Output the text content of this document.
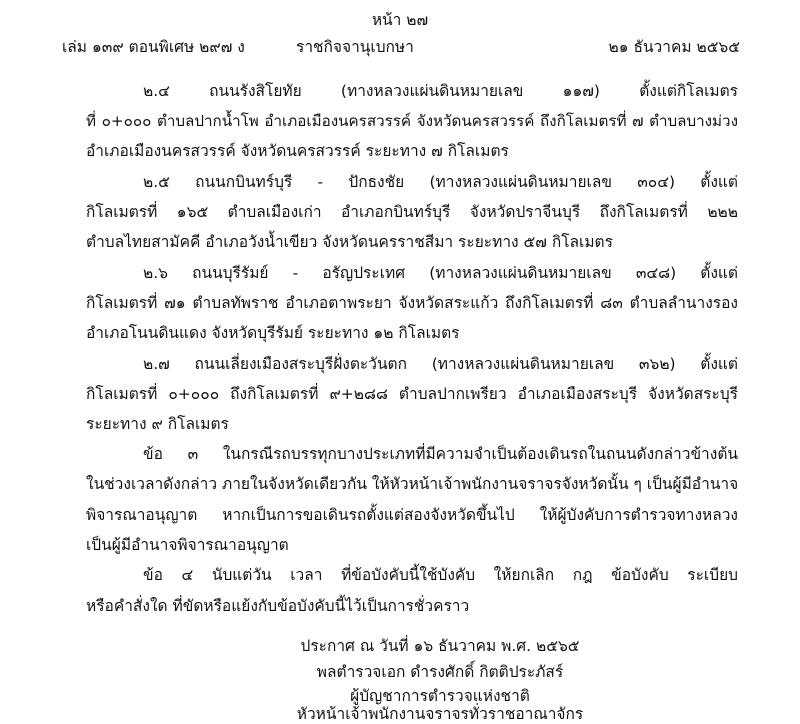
หน้า ๒๗
เล่ม ๑๓๙ ตอนพิเศษ ๒๙๗ ง	ราชกิจจานุเบกษา	๒๑ ธันวาคม ๒๕๖๕
๒.๔ ถนนรังสิโยทัย (ทางหลวงแผ่นดินหมายเลข ๑๑๗) ตั้งแต่กิโลเมตร
ที่ ๐+๐๐๐ ตำบลปากน้ำโพ อำเภอเมืองนครสวรรค์ จังหวัดนครสวรรค์ ถึงกิโลเมตรที่ ๗ ตำบลบางม่วง
อำเภอเมืองนครสวรรค์ จังหวัดนครสวรรค์ ระยะทาง ๗ กิโลเมตร
๒.๕ ถนนกบินทร์บุรี - ปักธงชัย (ทางหลวงแผ่นดินหมายเลข ๓๐๔) ตั้งแต่
กิโลเมตรที่ ๑๖๕ ตำบลเมืองเก่า อำเภอกบินทร์บุรี จังหวัดปราจีนบุรี ถึงกิโลเมตรที่ ๒๒๒
ตำบลไทยสามัคคี อำเภอวังน้ำเขียว จังหวัดนครราชสีมา ระยะทาง ๕๗ กิโลเมตร
๒.๖ ถนนบุรีรัมย์ - อรัญประเทศ (ทางหลวงแผ่นดินหมายเลข ๓๔๘) ตั้งแต่
กิโลเมตรที่ ๗๑ ตำบลทัพราช อำเภอตาพระยา จังหวัดสระแก้ว ถึงกิโลเมตรที่ ๘๓ ตำบลลำนางรอง
อำเภอโนนดินแดง จังหวัดบุรีรัมย์ ระยะทาง ๑๒ กิโลเมตร
๒.๗ ถนนเลี่ยงเมืองสระบุรีฝั่งตะวันตก (ทางหลวงแผ่นดินหมายเลข ๓๖๒) ตั้งแต่
กิโลเมตรที่ ๐+๐๐๐ ถึงกิโลเมตรที่ ๙+๒๘๘ ตำบลปากเพรียว อำเภอเมืองสระบุรี จังหวัดสระบุรี
ระยะทาง ๙ กิโลเมตร
ข้อ ๓ ในกรณีรถบรรทุกบางประเภทที่มีความจำเป็นต้องเดินรถในถนนดังกล่าวข้างต้น
ในช่วงเวลาดังกล่าว ภายในจังหวัดเดียวกัน ให้หัวหน้าเจ้าพนักงานจราจรจังหวัดนั้น ๆ เป็นผู้มีอำนาจ
พิจารณาอนุญาต หากเป็นการขอเดินรถตั้งแต่สองจังหวัดขึ้นไป ให้ผู้บังคับการตำรวจทางหลวง
เป็นผู้มีอำนาจพิจารณาอนุญาต
ข้อ ๔ นับแต่วัน เวลา ที่ข้อบังคับนี้ใช้บังคับ ให้ยกเลิก กฎ ข้อบังคับ ระเบียบ
หรือคำสั่งใด ที่ขัดหรือแย้งกับข้อบังคับนี้ไว้เป็นการชั่วคราว
ประกาศ ณ วันที่ ๑๖ ธันวาคม พ.ศ. ๒๕๖๕
พลตำรวจเอก ดำรงศักดิ์ กิตติประภัสร์
ผู้บัญชาการตำรวจแห่งชาติ
หัวหน้าเจ้าพนักงานจราจรทั่วราชอาณาจักร
